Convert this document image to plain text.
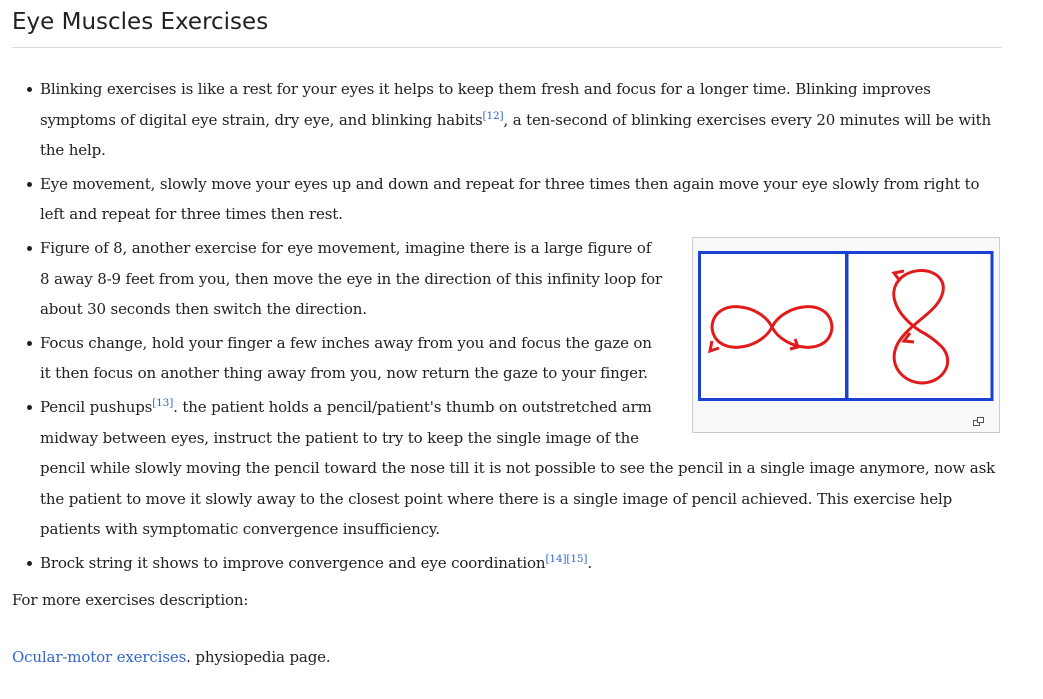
Eye Muscles Exercises
Blinking exercises is like a rest for your eyes it helps to keep them fresh and focus for a longer time. Blinking improves symptoms of digital eye strain, dry eye, and blinking habits[12], a ten-second of blinking exercises every 20 minutes will be with the help.
Eye movement, slowly move your eyes up and down and repeat for three times then again move your eye slowly from right to left and repeat for three times then rest.
Figure of 8, another exercise for eye movement, imagine there is a large figure of 8 away 8-9 feet from you, then move the eye in the direction of this infinity loop for about 30 seconds then switch the direction.
Focus change, hold your finger a few inches away from you and focus the gaze on it then focus on another thing away from you, now return the gaze to your finger.
Pencil pushups[13]. the patient holds a pencil/patient's thumb on outstretched arm midway between eyes, instruct the patient to try to keep the single image of the pencil while slowly moving the pencil toward the nose till it is not possible to see the pencil in a single image anymore, now ask the patient to move it slowly away to the closest point where there is a single image of pencil achieved. This exercise help patients with symptomatic convergence insufficiency.
Brock string it shows to improve convergence and eye coordination[14][15].

For more exercises description:

Ocular-motor exercises. physiopedia page.
